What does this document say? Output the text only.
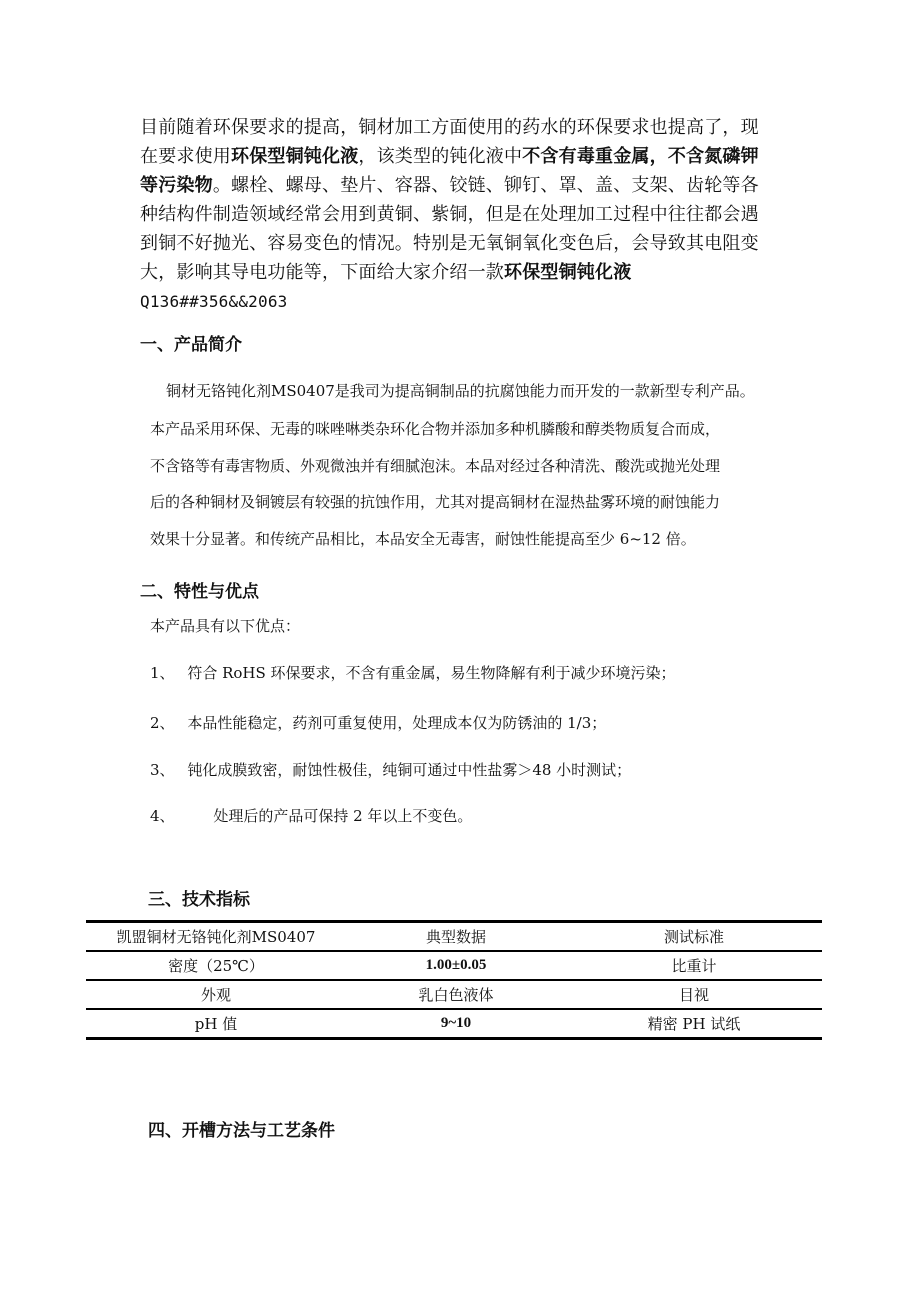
目前随着环保要求的提高，铜材加工方面使用的药水的环保要求也提高了，现
在要求使用环保型铜钝化液，该类型的钝化液中不含有毒重金属，不含氮磷钾
等污染物。螺栓、螺母、垫片、容器、铰链、铆钉、罩、盖、支架、齿轮等各
种结构件制造领域经常会用到黄铜、紫铜，但是在处理加工过程中往往都会遇
到铜不好抛光、容易变色的情况。特别是无氧铜氧化变色后，会导致其电阻变
大，影响其导电功能等，下面给大家介绍一款环保型铜钝化液
Q136##356&&2063
一、产品简介
铜材无铬钝化剂MS0407是我司为提高铜制品的抗腐蚀能力而开发的一款新型专利产品。
本产品采用环保、无毒的咪唑啉类杂环化合物并添加多种机膦酸和醇类物质复合而成，
不含铬等有毒害物质、外观微浊并有细腻泡沫。本品对经过各种清洗、酸洗或抛光处理
后的各种铜材及铜镀层有较强的抗蚀作用，尤其对提高铜材在湿热盐雾环境的耐蚀能力
效果十分显著。和传统产品相比，本品安全无毒害，耐蚀性能提高至少 6~12 倍。
二、特性与优点
本产品具有以下优点：
1、 符合 RoHS 环保要求，不含有重金属，易生物降解有利于减少环境污染；
2、 本品性能稳定，药剂可重复使用，处理成本仅为防锈油的 1/3；
3、 钝化成膜致密，耐蚀性极佳，纯铜可通过中性盐雾＞48 小时测试；
4、	处理后的产品可保持 2 年以上不变色。
三、技术指标
凯盟铜材无铬钝化剂MS0407	典型数据	测试标准
密度（25℃）	1.00±0.05	比重计
外观	乳白色液体	目视
pH 值	9~10	精密 PH 试纸
四、开槽方法与工艺条件
